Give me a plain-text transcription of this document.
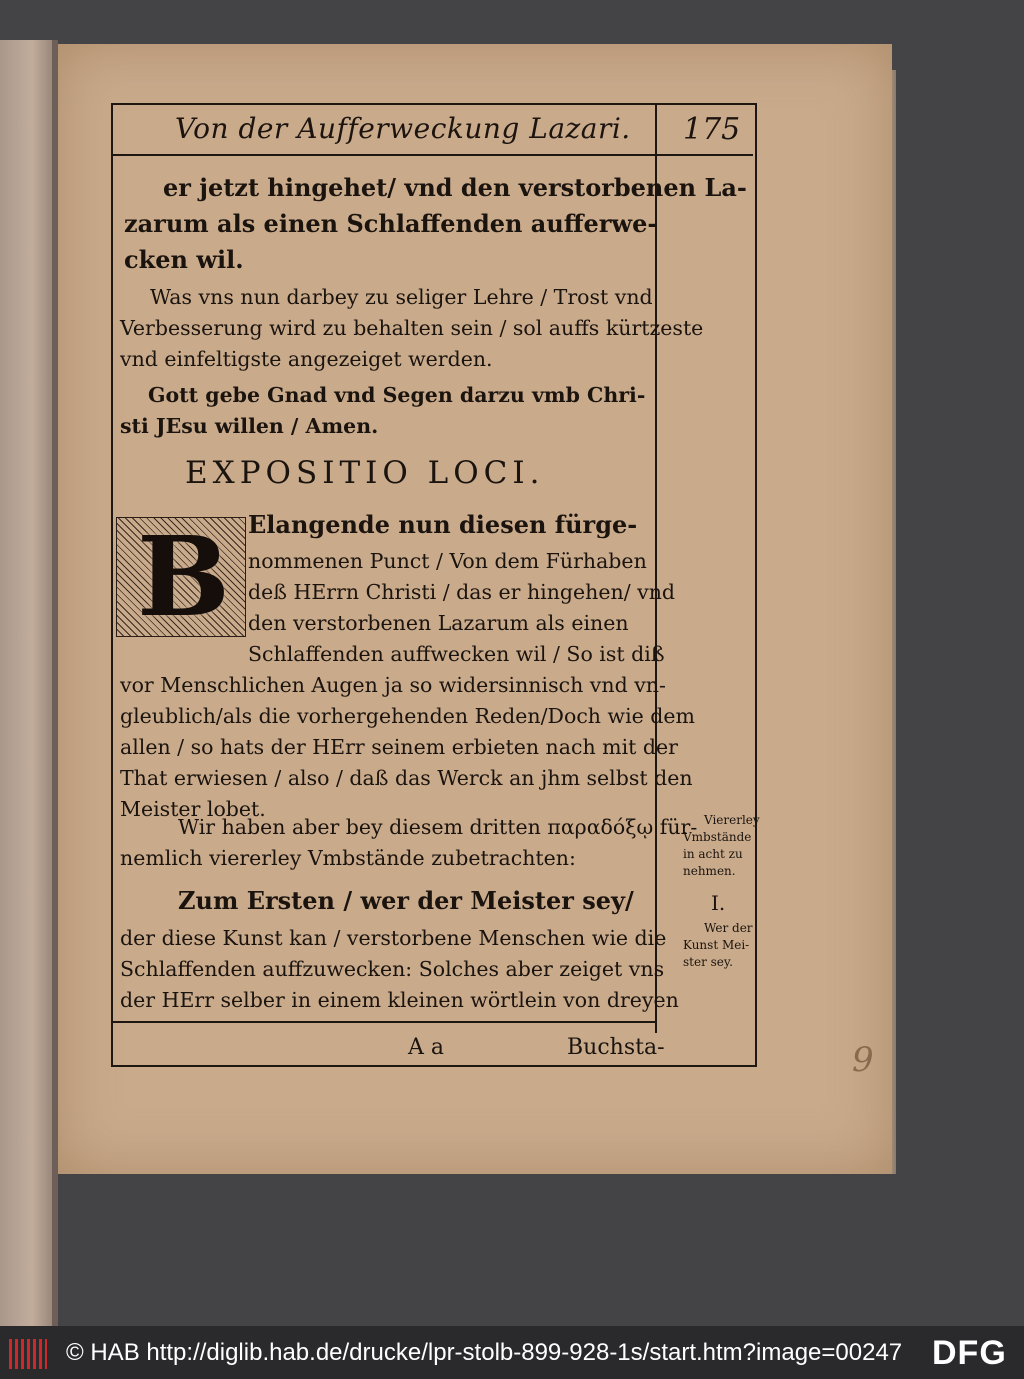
Von der Aufferweckung Lazari. 175
er jetzt hingehet/ vnd den verstorbenen La-
zarum als einen Schlaffenden aufferwe-
cken wil.
Was vns nun darbey zu seliger Lehre / Trost vnd
Verbesserung wird zu behalten sein / sol auffs kürtzeste
vnd einfeltigste angezeiget werden.
Gott gebe Gnad vnd Segen darzu vmb Chri-
sti JEsu willen / Amen.
EXPOSITIO LOCI.
B Elangende nun diesen fürge-
nommenen Punct / Von dem Fürhaben
deß HErrn Christi / das er hingehen/ vnd
den verstorbenen Lazarum als einen
Schlaffenden auffwecken wil / So ist diß
vor Menschlichen Augen ja so widersinnisch vnd vn-
gleublich/als die vorhergehenden Reden/Doch wie dem
allen / so hats der HErr seinem erbieten nach mit der
That erwiesen / also / daß das Werck an jhm selbst den
Meister lobet.
Wir haben aber bey diesem dritten παραδόξῳ für-
nemlich viererley Vmbstände zubetrachten:
Zum Ersten / wer der Meister sey/
der diese Kunst kan / verstorbene Menschen wie die
Schlaffenden auffzuwecken: Solches aber zeiget vns
der HErr selber in einem kleinen wörtlein von dreyen
A a	Buchsta-
Viererley
Vmbstände
in acht zu
nehmen.
I.
Wer der
Kunst Mei-
ster sey.
9
© HAB http://diglib.hab.de/drucke/lpr-stolb-899-928-1s/start.htm?image=00247 DFG
